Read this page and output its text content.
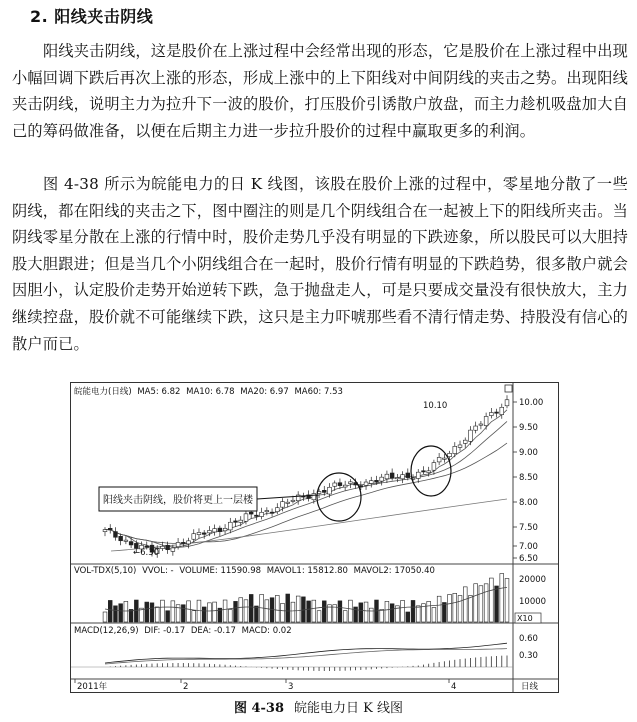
2. 阳线夹击阴线

阳线夹击阴线，这是股价在上涨过程中会经常出现的形态，它是股价在上涨过程中出现小幅回调下跌后再次上涨的形态，形成上涨中的上下阳线对中间阴线的夹击之势。出现阳线夹击阴线，说明主力为拉升下一波的股价，打压股价引诱散户放盘，而主力趁机吸盘加大自己的筹码做准备，以便在后期主力进一步拉升股价的过程中赢取更多的利润。

图 4-38 所示为皖能电力的日 K 线图，该股在股价上涨的过程中，零星地分散了一些阴线，都在阳线的夹击之下，图中圈注的则是几个阴线组合在一起被上下的阳线所夹击。当阴线零星分散在上涨的行情中时，股价走势几乎没有明显的下跌迹象，所以股民可以大胆持股大胆跟进；但是当几个小阴线组合在一起时，股价行情有明显的下跌趋势，很多散户就会因胆小，认定股价走势开始逆转下跌，急于抛盘走人，可是只要成交量没有很快放大，主力继续控盘，股价就不可能继续下跌，这只是主力吓唬那些看不清行情走势、持股没有信心的散户而已。

皖能电力(日线) MA5: 6.82 MA10: 6.78 MA20: 6.97 MA60: 7.53
10.00
9.50
9.00
8.50
8.00
7.50
7.00
6.50
10.10
←6.30
阳线夹击阴线，股价将更上一层楼
VOL-TDX(5,10) VVOL: - VOLUME: 11590.98 MAVOL1: 15812.80 MAVOL2: 17050.40
20000
10000
X10
MACD(12,26,9) DIF: -0.17 DEA: -0.17 MACD: 0.02
0.60
0.30
2011年	2	3	4	日线
图 4-38 皖能电力日 K 线图
